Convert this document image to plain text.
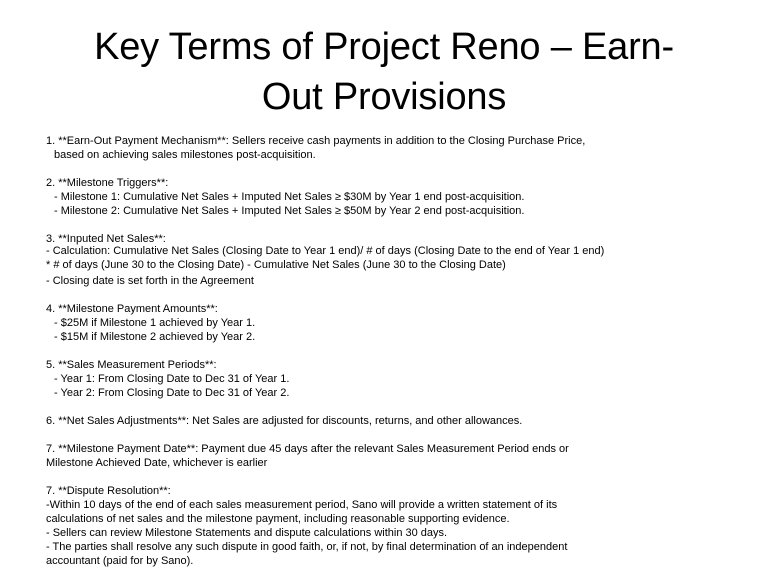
Key Terms of Project Reno – Earn-
Out Provisions
1. **Earn-Out Payment Mechanism**: Sellers receive cash payments in addition to the Closing Purchase Price,
based on achieving sales milestones post-acquisition.
2. **Milestone Triggers**:
- Milestone 1: Cumulative Net Sales + Imputed Net Sales ≥ $30M by Year 1 end post-acquisition.
- Milestone 2: Cumulative Net Sales + Imputed Net Sales ≥ $50M by Year 2 end post-acquisition.
3. **Inputed Net Sales**:
- Calculation: Cumulative Net Sales (Closing Date to Year 1 end)/ # of days (Closing Date to the end of Year 1 end)
* # of days (June 30 to the Closing Date) - Cumulative Net Sales (June 30 to the Closing Date)
- Closing date is set forth in the Agreement
4. **Milestone Payment Amounts**:
- $25M if Milestone 1 achieved by Year 1.
- $15M if Milestone 2 achieved by Year 2.
5. **Sales Measurement Periods**:
- Year 1: From Closing Date to Dec 31 of Year 1.
- Year 2: From Closing Date to Dec 31 of Year 2.
6. **Net Sales Adjustments**: Net Sales are adjusted for discounts, returns, and other allowances.
7. **Milestone Payment Date**: Payment due 45 days after the relevant Sales Measurement Period ends or
Milestone Achieved Date, whichever is earlier
7. **Dispute Resolution**:
-Within 10 days of the end of each sales measurement period, Sano will provide a written statement of its
calculations of net sales and the milestone payment, including reasonable supporting evidence.
- Sellers can review Milestone Statements and dispute calculations within 30 days.
- The parties shall resolve any such dispute in good faith, or, if not, by final determination of an independent
accountant (paid for by Sano).
